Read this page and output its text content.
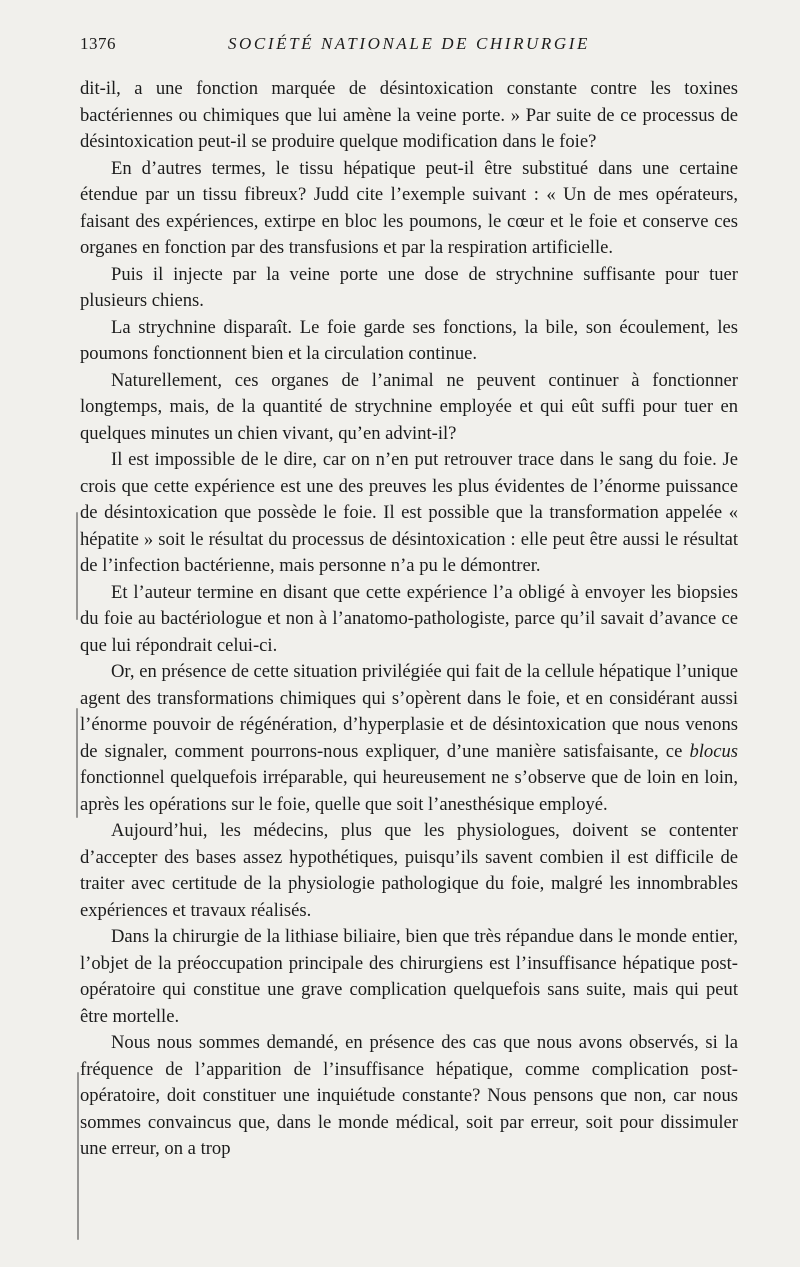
1376	SOCIÉTÉ NATIONALE DE CHIRURGIE

dit-il, a une fonction marquée de désintoxication constante contre les toxines bactériennes ou chimiques que lui amène la veine porte. » Par suite de ce processus de désintoxication peut-il se produire quelque modification dans le foie?

En d’autres termes, le tissu hépatique peut-il être substitué dans une certaine étendue par un tissu fibreux? Judd cite l’exemple suivant : « Un de mes opérateurs, faisant des expériences, extirpe en bloc les poumons, le cœur et le foie et conserve ces organes en fonction par des transfusions et par la respiration artificielle.

Puis il injecte par la veine porte une dose de strychnine suffisante pour tuer plusieurs chiens.

La strychnine disparaît. Le foie garde ses fonctions, la bile, son écoulement, les poumons fonctionnent bien et la circulation continue.

Naturellement, ces organes de l’animal ne peuvent continuer à fonctionner longtemps, mais, de la quantité de strychnine employée et qui eût suffi pour tuer en quelques minutes un chien vivant, qu’en advint-il?

Il est impossible de le dire, car on n’en put retrouver trace dans le sang du foie. Je crois que cette expérience est une des preuves les plus évidentes de l’énorme puissance de désintoxication que possède le foie. Il est possible que la transformation appelée « hépatite » soit le résultat du processus de désintoxication : elle peut être aussi le résultat de l’infection bactérienne, mais personne n’a pu le démontrer.

Et l’auteur termine en disant que cette expérience l’a obligé à envoyer les biopsies du foie au bactériologue et non à l’anatomo-pathologiste, parce qu’il savait d’avance ce que lui répondrait celui-ci.

Or, en présence de cette situation privilégiée qui fait de la cellule hépatique l’unique agent des transformations chimiques qui s’opèrent dans le foie, et en considérant aussi l’énorme pouvoir de régénération, d’hyperplasie et de désintoxication que nous venons de signaler, comment pourrons-nous expliquer, d’une manière satisfaisante, ce blocus fonctionnel quelquefois irréparable, qui heureusement ne s’observe que de loin en loin, après les opérations sur le foie, quelle que soit l’anesthésique employé.

Aujourd’hui, les médecins, plus que les physiologues, doivent se contenter d’accepter des bases assez hypothétiques, puisqu’ils savent combien il est difficile de traiter avec certitude de la physiologie pathologique du foie, malgré les innombrables expériences et travaux réalisés.

Dans la chirurgie de la lithiase biliaire, bien que très répandue dans le monde entier, l’objet de la préoccupation principale des chirurgiens est l’insuffisance hépatique post-opératoire qui constitue une grave complication quelquefois sans suite, mais qui peut être mortelle.

Nous nous sommes demandé, en présence des cas que nous avons observés, si la fréquence de l’apparition de l’insuffisance hépatique, comme complication post-opératoire, doit constituer une inquiétude constante? Nous pensons que non, car nous sommes convaincus que, dans le monde médical, soit par erreur, soit pour dissimuler une erreur, on a trop
